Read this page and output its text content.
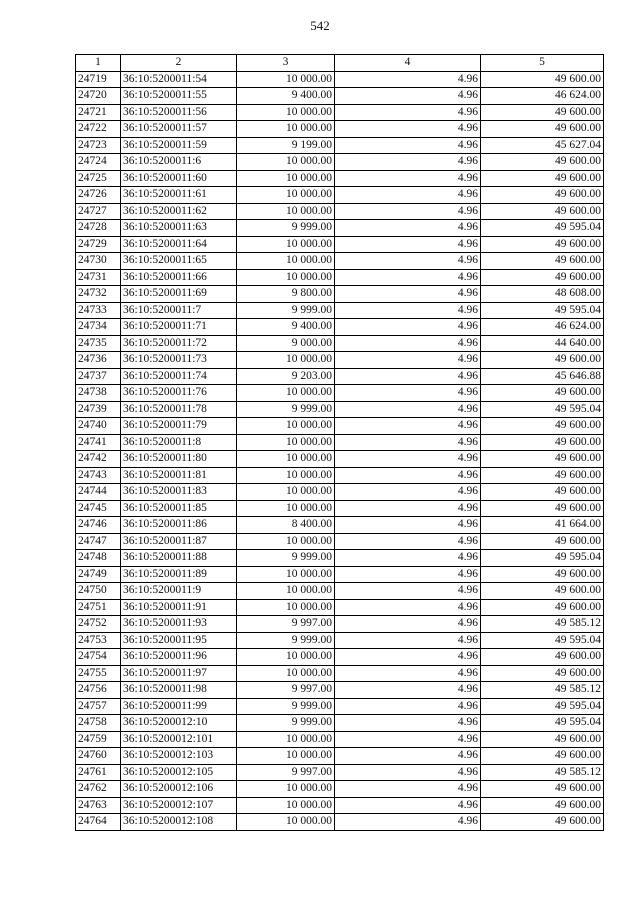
542
1	2	3	4	5
24719	36:10:5200011:54	10 000.00	4.96	49 600.00
24720	36:10:5200011:55	9 400.00	4.96	46 624.00
24721	36:10:5200011:56	10 000.00	4.96	49 600.00
24722	36:10:5200011:57	10 000.00	4.96	49 600.00
24723	36:10:5200011:59	9 199.00	4.96	45 627.04
24724	36:10:5200011:6	10 000.00	4.96	49 600.00
24725	36:10:5200011:60	10 000.00	4.96	49 600.00
24726	36:10:5200011:61	10 000.00	4.96	49 600.00
24727	36:10:5200011:62	10 000.00	4.96	49 600.00
24728	36:10:5200011:63	9 999.00	4.96	49 595.04
24729	36:10:5200011:64	10 000.00	4.96	49 600.00
24730	36:10:5200011:65	10 000.00	4.96	49 600.00
24731	36:10:5200011:66	10 000.00	4.96	49 600.00
24732	36:10:5200011:69	9 800.00	4.96	48 608.00
24733	36:10:5200011:7	9 999.00	4.96	49 595.04
24734	36:10:5200011:71	9 400.00	4.96	46 624.00
24735	36:10:5200011:72	9 000.00	4.96	44 640.00
24736	36:10:5200011:73	10 000.00	4.96	49 600.00
24737	36:10:5200011:74	9 203.00	4.96	45 646.88
24738	36:10:5200011:76	10 000.00	4.96	49 600.00
24739	36:10:5200011:78	9 999.00	4.96	49 595.04
24740	36:10:5200011:79	10 000.00	4.96	49 600.00
24741	36:10:5200011:8	10 000.00	4.96	49 600.00
24742	36:10:5200011:80	10 000.00	4.96	49 600.00
24743	36:10:5200011:81	10 000.00	4.96	49 600.00
24744	36:10:5200011:83	10 000.00	4.96	49 600.00
24745	36:10:5200011:85	10 000.00	4.96	49 600.00
24746	36:10:5200011:86	8 400.00	4.96	41 664.00
24747	36:10:5200011:87	10 000.00	4.96	49 600.00
24748	36:10:5200011:88	9 999.00	4.96	49 595.04
24749	36:10:5200011:89	10 000.00	4.96	49 600.00
24750	36:10:5200011:9	10 000.00	4.96	49 600.00
24751	36:10:5200011:91	10 000.00	4.96	49 600.00
24752	36:10:5200011:93	9 997.00	4.96	49 585.12
24753	36:10:5200011:95	9 999.00	4.96	49 595.04
24754	36:10:5200011:96	10 000.00	4.96	49 600.00
24755	36:10:5200011:97	10 000.00	4.96	49 600.00
24756	36:10:5200011:98	9 997.00	4.96	49 585.12
24757	36:10:5200011:99	9 999.00	4.96	49 595.04
24758	36:10:5200012:10	9 999.00	4.96	49 595.04
24759	36:10:5200012:101	10 000.00	4.96	49 600.00
24760	36:10:5200012:103	10 000.00	4.96	49 600.00
24761	36:10:5200012:105	9 997.00	4.96	49 585.12
24762	36:10:5200012:106	10 000.00	4.96	49 600.00
24763	36:10:5200012:107	10 000.00	4.96	49 600.00
24764	36:10:5200012:108	10 000.00	4.96	49 600.00
